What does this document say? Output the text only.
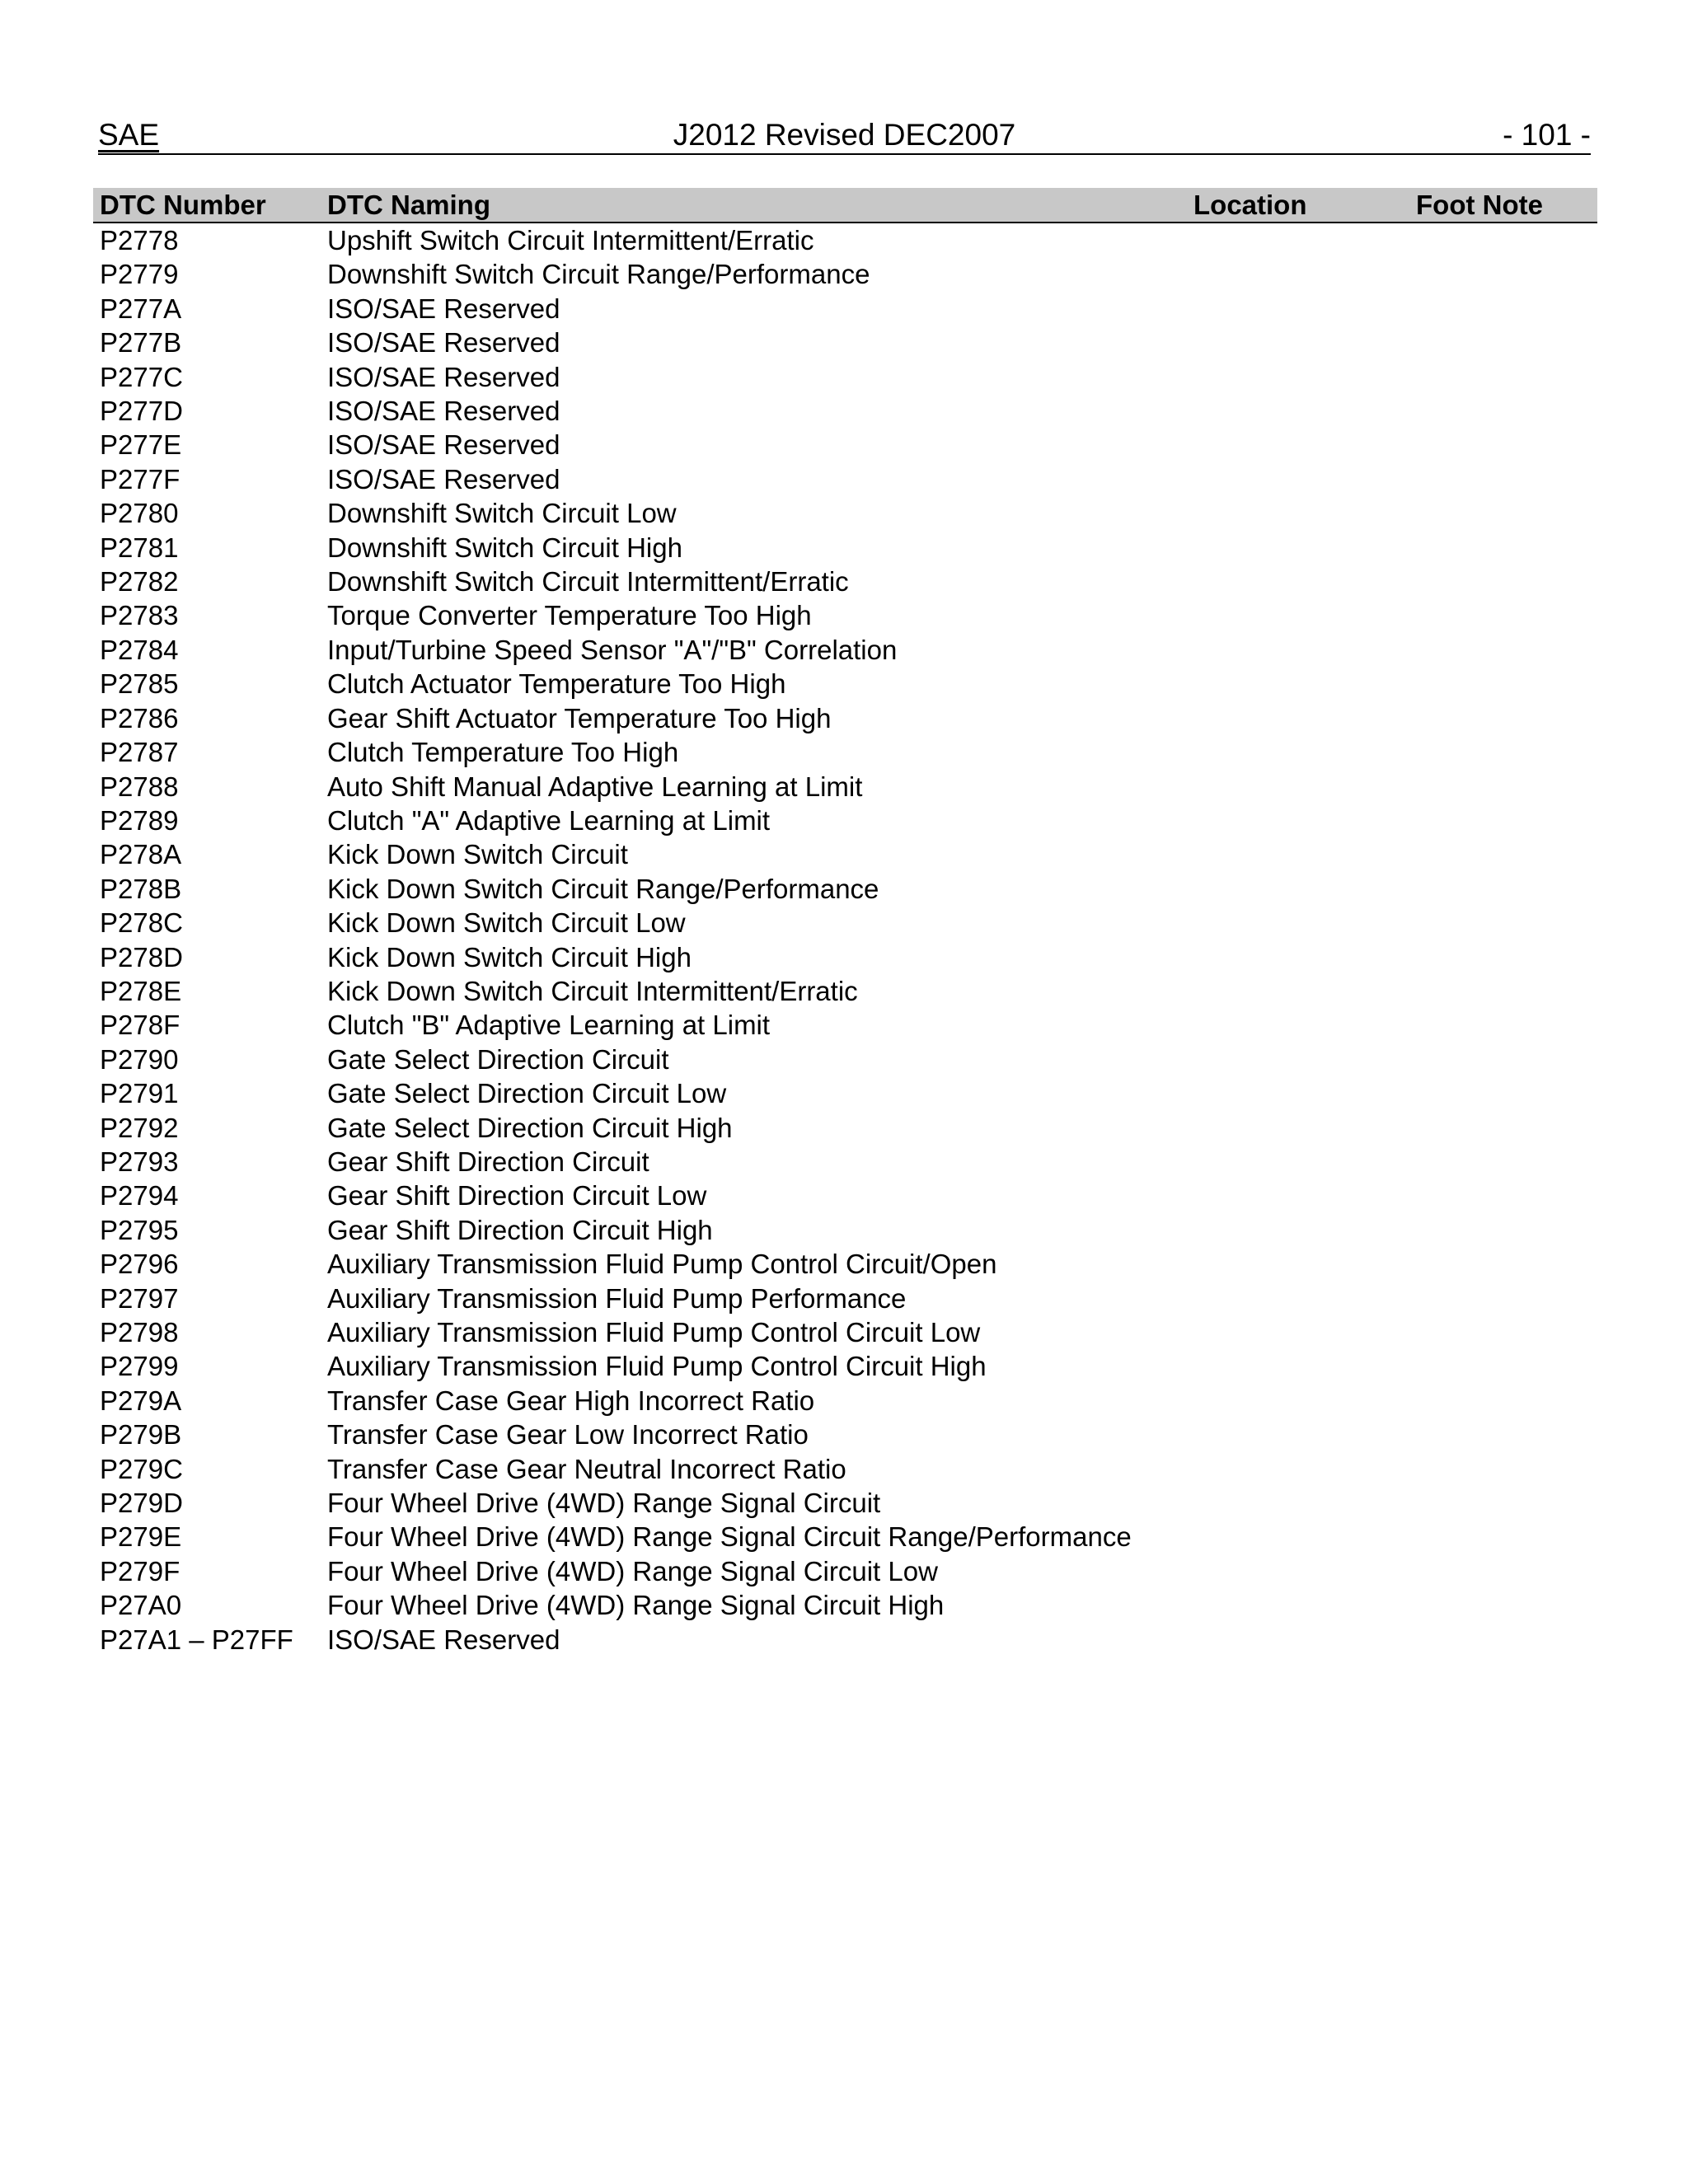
SAE	J2012 Revised DEC2007	- 101 -
DTC Number	DTC Naming	Location	Foot Note
P2778	Upshift Switch Circuit Intermittent/Erratic		
P2779	Downshift Switch Circuit Range/Performance		
P277A	ISO/SAE Reserved		
P277B	ISO/SAE Reserved		
P277C	ISO/SAE Reserved		
P277D	ISO/SAE Reserved		
P277E	ISO/SAE Reserved		
P277F	ISO/SAE Reserved		
P2780	Downshift Switch Circuit Low		
P2781	Downshift Switch Circuit High		
P2782	Downshift Switch Circuit Intermittent/Erratic		
P2783	Torque Converter Temperature Too High		
P2784	Input/Turbine Speed Sensor "A"/"B" Correlation		
P2785	Clutch Actuator Temperature Too High		
P2786	Gear Shift Actuator Temperature Too High		
P2787	Clutch Temperature Too High		
P2788	Auto Shift Manual Adaptive Learning at Limit		
P2789	Clutch "A" Adaptive Learning at Limit		
P278A	Kick Down Switch Circuit		
P278B	Kick Down Switch Circuit Range/Performance		
P278C	Kick Down Switch Circuit Low		
P278D	Kick Down Switch Circuit High		
P278E	Kick Down Switch Circuit Intermittent/Erratic		
P278F	Clutch "B" Adaptive Learning at Limit		
P2790	Gate Select Direction Circuit		
P2791	Gate Select Direction Circuit Low		
P2792	Gate Select Direction Circuit High		
P2793	Gear Shift Direction Circuit		
P2794	Gear Shift Direction Circuit Low		
P2795	Gear Shift Direction Circuit High		
P2796	Auxiliary Transmission Fluid Pump Control Circuit/Open		
P2797	Auxiliary Transmission Fluid Pump Performance		
P2798	Auxiliary Transmission Fluid Pump Control Circuit Low		
P2799	Auxiliary Transmission Fluid Pump Control Circuit High		
P279A	Transfer Case Gear High Incorrect Ratio		
P279B	Transfer Case Gear Low Incorrect Ratio		
P279C	Transfer Case Gear Neutral Incorrect Ratio		
P279D	Four Wheel Drive (4WD) Range Signal Circuit		
P279E	Four Wheel Drive (4WD) Range Signal Circuit Range/Performance		
P279F	Four Wheel Drive (4WD) Range Signal Circuit Low		
P27A0	Four Wheel Drive (4WD) Range Signal Circuit High		
P27A1 – P27FF	ISO/SAE Reserved		
